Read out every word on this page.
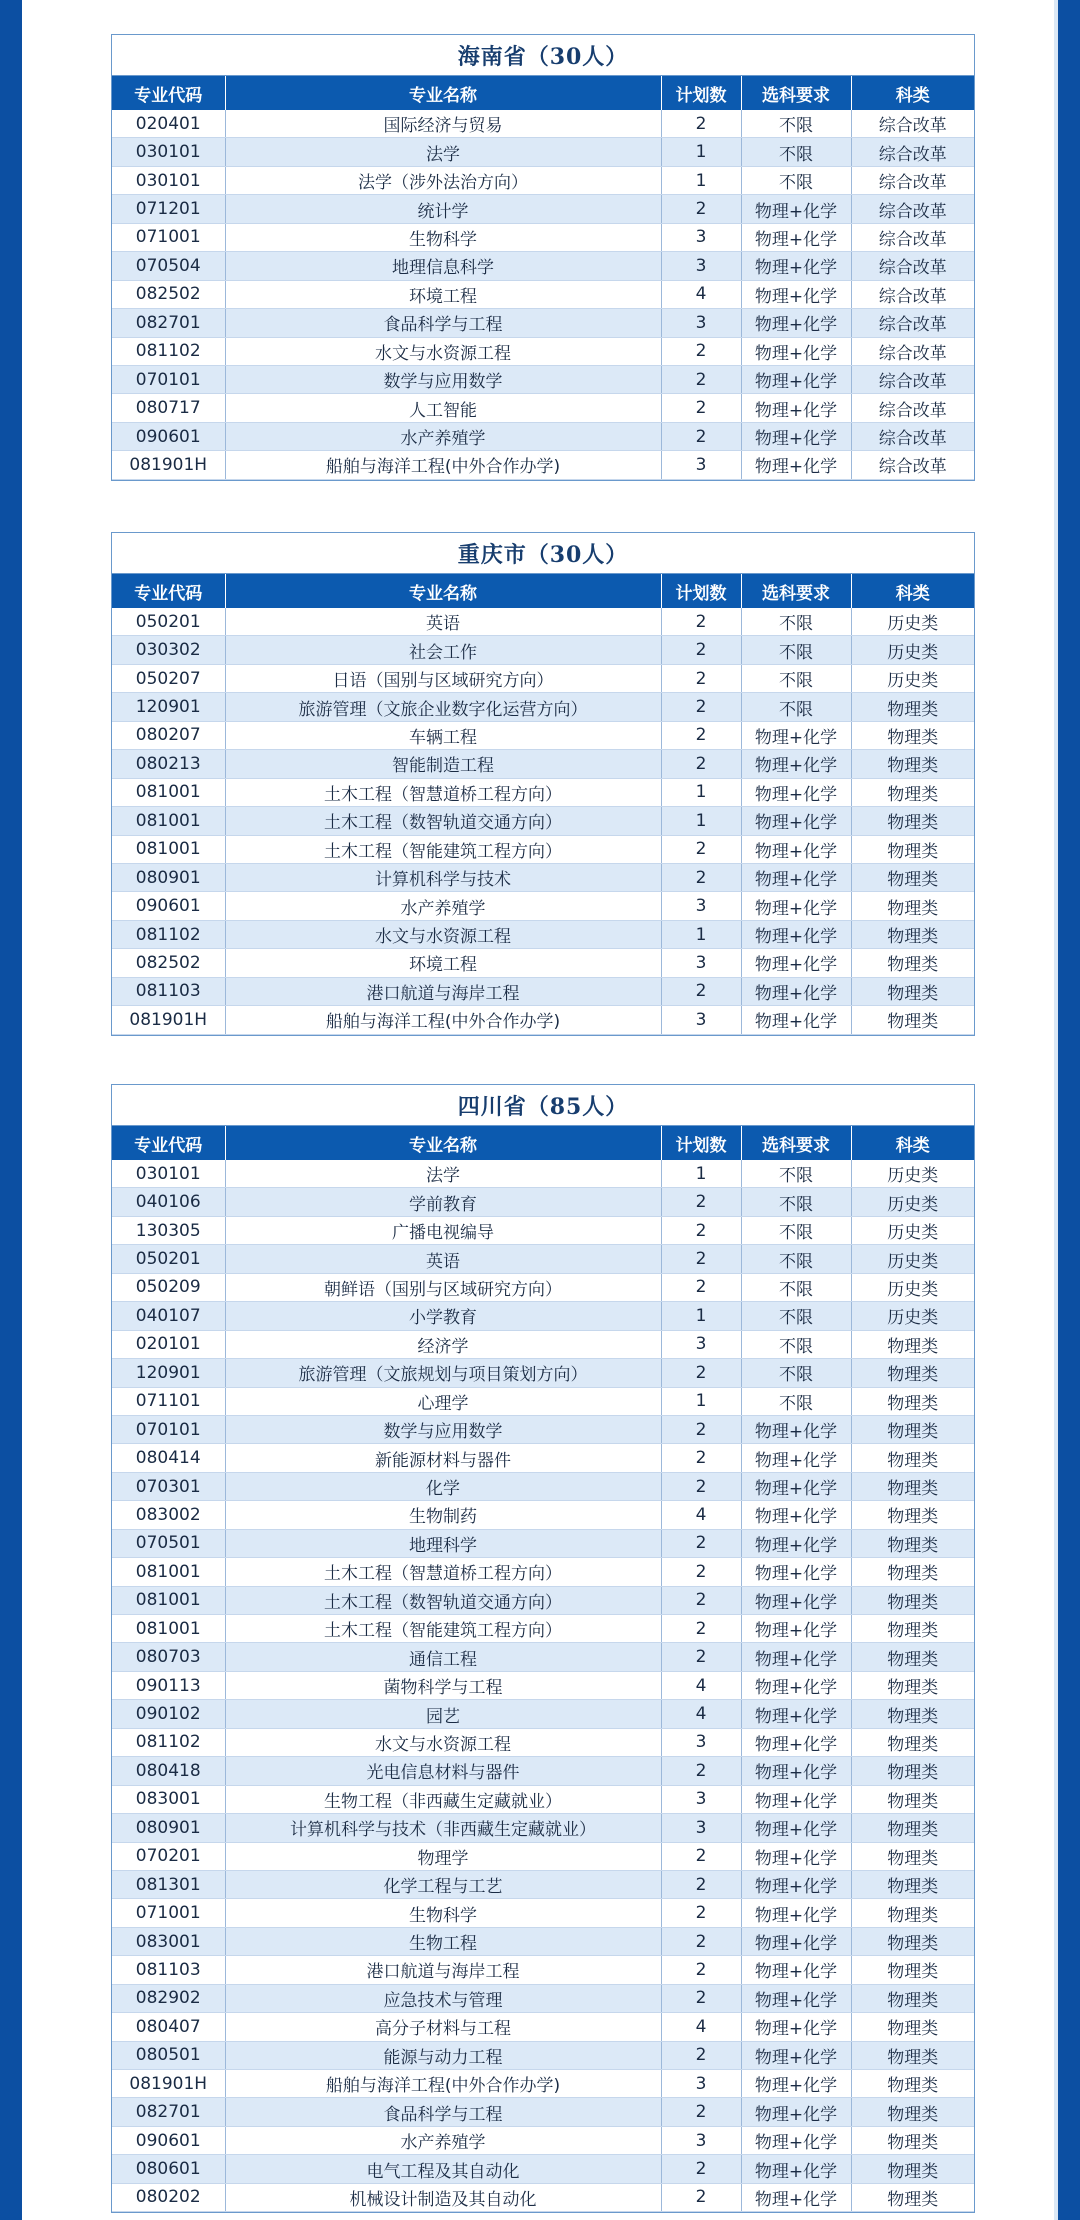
海南省（30人）
专业代码	专业名称	计划数	选科要求	科类
020401	国际经济与贸易	2	不限	综合改革
030101	法学	1	不限	综合改革
030101	法学（涉外法治方向）	1	不限	综合改革
071201	统计学	2	物理+化学	综合改革
071001	生物科学	3	物理+化学	综合改革
070504	地理信息科学	3	物理+化学	综合改革
082502	环境工程	4	物理+化学	综合改革
082701	食品科学与工程	3	物理+化学	综合改革
081102	水文与水资源工程	2	物理+化学	综合改革
070101	数学与应用数学	2	物理+化学	综合改革
080717	人工智能	2	物理+化学	综合改革
090601	水产养殖学	2	物理+化学	综合改革
081901H	船舶与海洋工程(中外合作办学)	3	物理+化学	综合改革
重庆市（30人）
专业代码	专业名称	计划数	选科要求	科类
050201	英语	2	不限	历史类
030302	社会工作	2	不限	历史类
050207	日语（国别与区域研究方向）	2	不限	历史类
120901	旅游管理（文旅企业数字化运营方向）	2	不限	物理类
080207	车辆工程	2	物理+化学	物理类
080213	智能制造工程	2	物理+化学	物理类
081001	土木工程（智慧道桥工程方向）	1	物理+化学	物理类
081001	土木工程（数智轨道交通方向）	1	物理+化学	物理类
081001	土木工程（智能建筑工程方向）	2	物理+化学	物理类
080901	计算机科学与技术	2	物理+化学	物理类
090601	水产养殖学	3	物理+化学	物理类
081102	水文与水资源工程	1	物理+化学	物理类
082502	环境工程	3	物理+化学	物理类
081103	港口航道与海岸工程	2	物理+化学	物理类
081901H	船舶与海洋工程(中外合作办学)	3	物理+化学	物理类
四川省（85人）
专业代码	专业名称	计划数	选科要求	科类
030101	法学	1	不限	历史类
040106	学前教育	2	不限	历史类
130305	广播电视编导	2	不限	历史类
050201	英语	2	不限	历史类
050209	朝鲜语（国别与区域研究方向）	2	不限	历史类
040107	小学教育	1	不限	历史类
020101	经济学	3	不限	物理类
120901	旅游管理（文旅规划与项目策划方向）	2	不限	物理类
071101	心理学	1	不限	物理类
070101	数学与应用数学	2	物理+化学	物理类
080414	新能源材料与器件	2	物理+化学	物理类
070301	化学	2	物理+化学	物理类
083002	生物制药	4	物理+化学	物理类
070501	地理科学	2	物理+化学	物理类
081001	土木工程（智慧道桥工程方向）	2	物理+化学	物理类
081001	土木工程（数智轨道交通方向）	2	物理+化学	物理类
081001	土木工程（智能建筑工程方向）	2	物理+化学	物理类
080703	通信工程	2	物理+化学	物理类
090113	菌物科学与工程	4	物理+化学	物理类
090102	园艺	4	物理+化学	物理类
081102	水文与水资源工程	3	物理+化学	物理类
080418	光电信息材料与器件	2	物理+化学	物理类
083001	生物工程（非西藏生定藏就业）	3	物理+化学	物理类
080901	计算机科学与技术（非西藏生定藏就业）	3	物理+化学	物理类
070201	物理学	2	物理+化学	物理类
081301	化学工程与工艺	2	物理+化学	物理类
071001	生物科学	2	物理+化学	物理类
083001	生物工程	2	物理+化学	物理类
081103	港口航道与海岸工程	2	物理+化学	物理类
082902	应急技术与管理	2	物理+化学	物理类
080407	高分子材料与工程	4	物理+化学	物理类
080501	能源与动力工程	2	物理+化学	物理类
081901H	船舶与海洋工程(中外合作办学)	3	物理+化学	物理类
082701	食品科学与工程	2	物理+化学	物理类
090601	水产养殖学	3	物理+化学	物理类
080601	电气工程及其自动化	2	物理+化学	物理类
080202	机械设计制造及其自动化	2	物理+化学	物理类
